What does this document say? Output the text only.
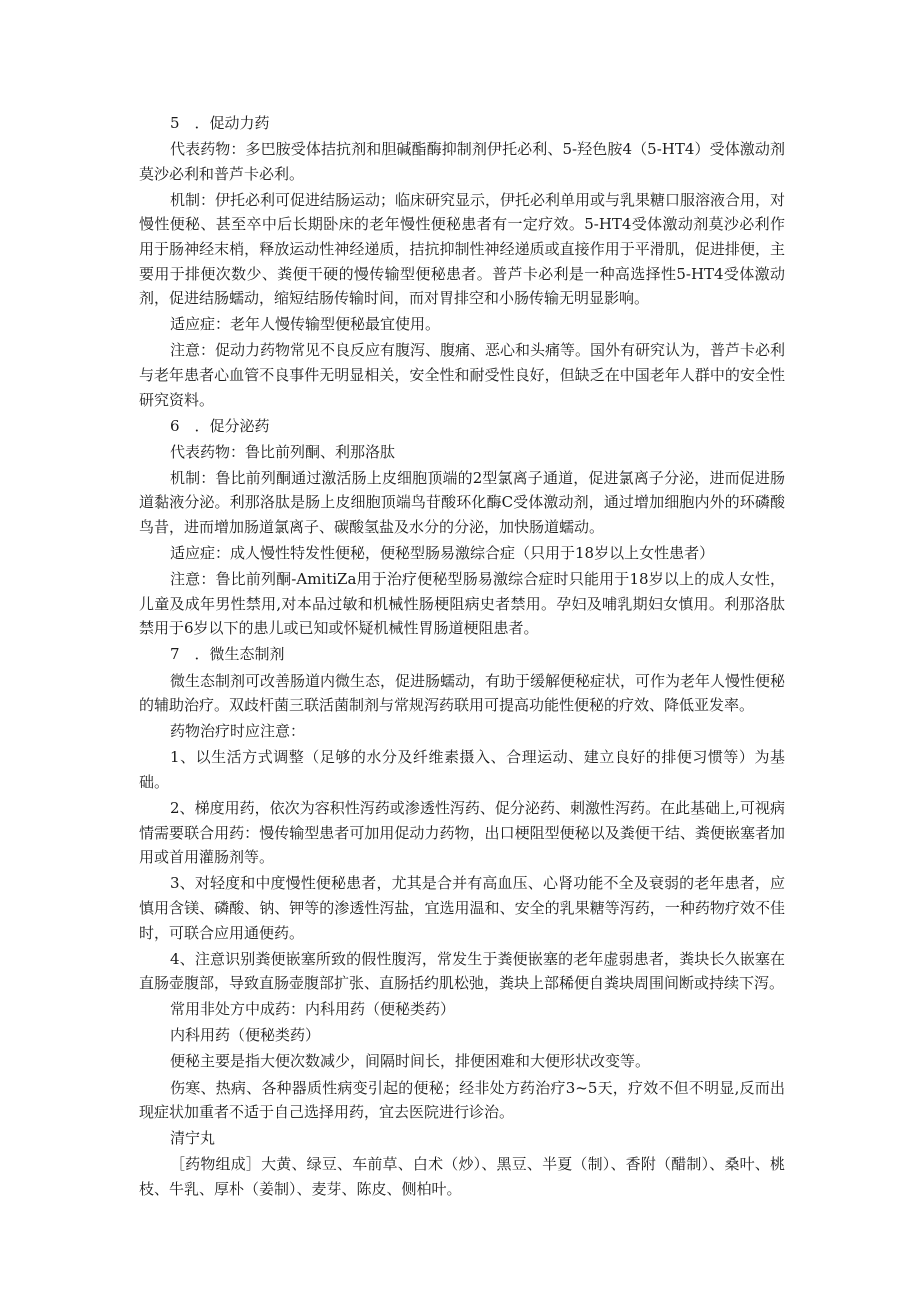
5　．促动力药

代表药物：多巴胺受体拮抗剂和胆碱酯酶抑制剂伊托必利、5-羟色胺4（5-HT4）受体激动剂莫沙必利和普芦卡必利。

机制：伊托必利可促进结肠运动；临床研究显示，伊托必利单用或与乳果糖口服溶液合用，对慢性便秘、甚至卒中后长期卧床的老年慢性便秘患者有一定疗效。5-HT4受体激动剂莫沙必利作用于肠神经末梢，释放运动性神经递质，拮抗抑制性神经递质或直接作用于平滑肌，促进排便，主要用于排便次数少、粪便干硬的慢传输型便秘患者。普芦卡必利是一种高选择性5-HT4受体激动剂，促进结肠蠕动，缩短结肠传输时间，而对胃排空和小肠传输无明显影响。

适应症：老年人慢传输型便秘最宜使用。

注意：促动力药物常见不良反应有腹泻、腹痛、恶心和头痛等。国外有研究认为，普芦卡必利与老年患者心血管不良事件无明显相关，安全性和耐受性良好，但缺乏在中国老年人群中的安全性研究资料。

6　．促分泌药

代表药物：鲁比前列酮、利那洛肽

机制：鲁比前列酮通过激活肠上皮细胞顶端的2型氯离子通道，促进氯离子分泌，进而促进肠道黏液分泌。利那洛肽是肠上皮细胞顶端鸟苷酸环化酶C受体激动剂，通过增加细胞内外的环磷酸鸟昔，进而增加肠道氯离子、碳酸氢盐及水分的分泌，加快肠道蠕动。

适应症：成人慢性特发性便秘，便秘型肠易激综合症（只用于18岁以上女性患者）

注意：鲁比前列酮-AmitiZa用于治疗便秘型肠易激综合症时只能用于18岁以上的成人女性，儿童及成年男性禁用,对本品过敏和机械性肠梗阻病史者禁用。孕妇及哺乳期妇女慎用。利那洛肽禁用于6岁以下的患儿或已知或怀疑机械性胃肠道梗阻患者。

7　．微生态制剂

微生态制剂可改善肠道内微生态，促进肠蠕动，有助于缓解便秘症状，可作为老年人慢性便秘的辅助治疗。双歧杆菌三联活菌制剂与常规泻药联用可提高功能性便秘的疗效、降低亚发率。

药物治疗时应注意：

1、以生活方式调整（足够的水分及纤维素摄入、合理运动、建立良好的排便习惯等）为基础。

2、梯度用药，依次为容积性泻药或渗透性泻药、促分泌药、刺激性泻药。在此基础上,可视病情需要联合用药：慢传输型患者可加用促动力药物，出口梗阻型便秘以及粪便干结、粪便嵌塞者加用或首用灌肠剂等。

3、对轻度和中度慢性便秘患者，尤其是合并有高血压、心肾功能不全及衰弱的老年患者，应慎用含镁、磷酸、钠、钾等的渗透性泻盐，宜选用温和、安全的乳果糖等泻药，一种药物疗效不佳时，可联合应用通便药。

4、注意识别粪便嵌塞所致的假性腹泻，常发生于粪便嵌塞的老年虚弱患者，粪块长久嵌塞在直肠壶腹部，导致直肠壶腹部扩张、直肠括约肌松弛，粪块上部稀便自粪块周围间断或持续下泻。

常用非处方中成药：内科用药（便秘类药）

内科用药（便秘类药）

便秘主要是指大便次数减少，间隔时间长，排便困难和大便形状改变等。

伤寒、热病、各种器质性病变引起的便秘；经非处方药治疗3~5天，疗效不但不明显,反而出现症状加重者不适于自己选择用药，宜去医院进行诊治。

清宁丸

［药物组成］大黄、绿豆、车前草、白术（炒）、黑豆、半夏（制）、香附（醋制）、桑叶、桃枝、牛乳、厚朴（姜制）、麦芽、陈皮、侧柏叶。
